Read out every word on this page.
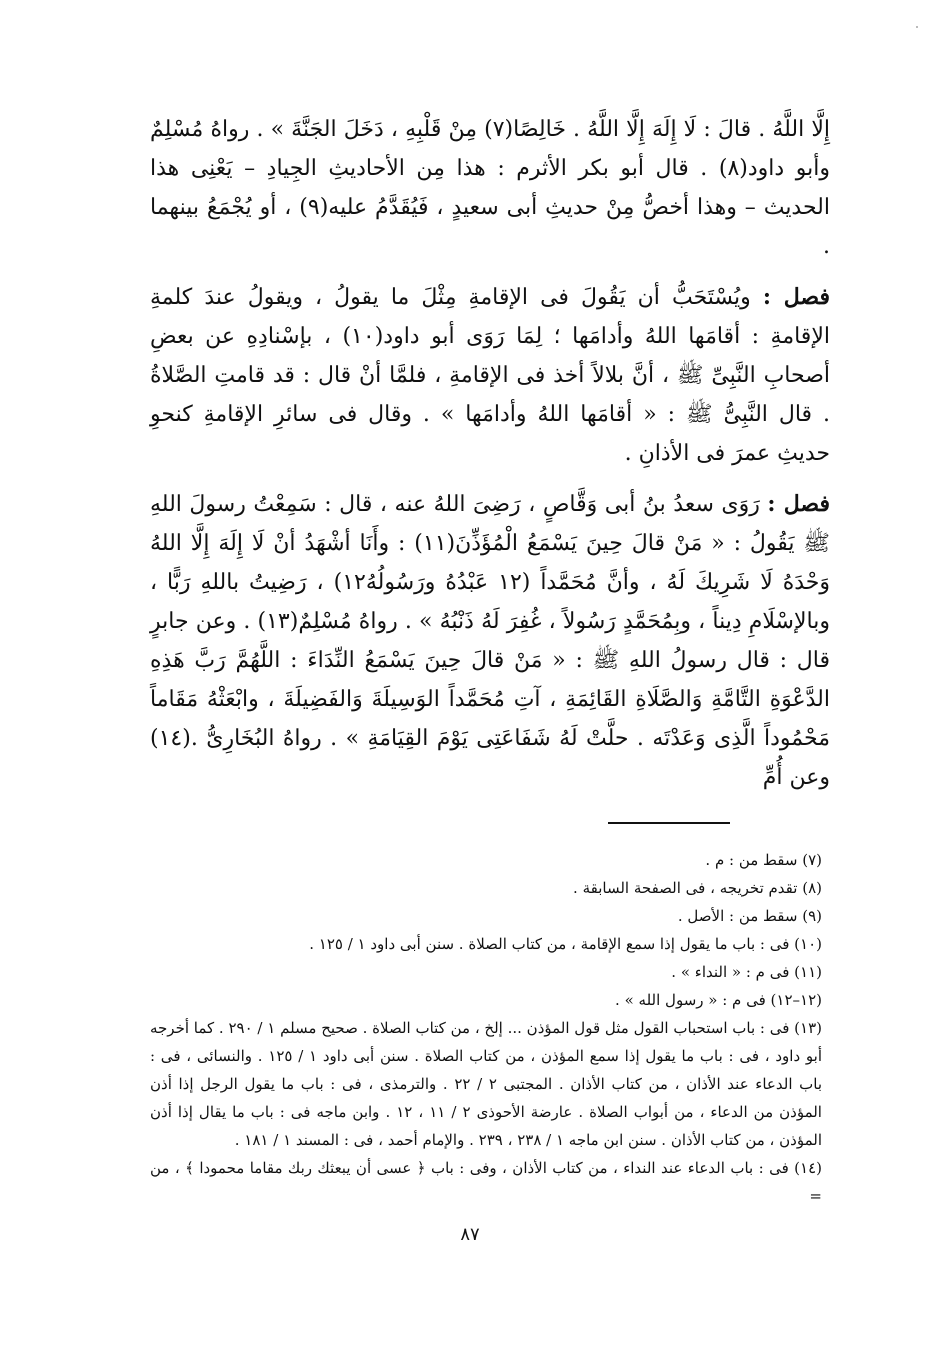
إِلَّا اللَّهُ . قالَ : لَا إِلَهَ إِلَّا اللَّهُ . خَالِصًا(٧) مِنْ قَلْبِهِ ، دَخَلَ الجَنَّةَ » . رواهُ مُسْلِمٌ وأبو داود(٨) . قال أبو بكر الأثرم : هذا مِن الأحاديثِ الجِيادِ – يَعْنِى هذا الحديث – وهذا أخصُّ مِنْ حديثِ أبى سعيدٍ ، فَيُقَدَّمُ عليه(٩) ، أو يُجْمَعُ بينهما .

فصل : ويُسْتَحَبُّ أن يَقُولَ فى الإقامةِ مِثْلَ ما يقولُ ، ويقولُ عندَ كلمةِ الإقامةِ : أقامَها اللهُ وأدامَها ؛ لِمَا رَوَى أبو داود(١٠) ، بإسْنادِهِ عن بعضِ أصحابِ النَّبِىِّ ﷺ ، أنَّ بلالاً أخذ فى الإقامةِ ، فلمَّا أنْ قال : قد قامتِ الصَّلاةُ . قال النَّبِىُّ ﷺ : « أقامَها اللهُ وأدامَها » . وقال فى سائرِ الإقامةِ كنحوِ حديثِ عمرَ فى الأذانِ .

فصل : رَوَى سعدُ بنُ أبى وَقَّاصٍ ، رَضِىَ اللهُ عنه ، قال : سَمِعْتُ رسولَ اللهِ ﷺ يَقُولُ : « مَنْ قالَ حِينَ يَسْمَعُ الْمُؤَذِّنَ(١١) : وأَنَا أشْهَدُ أنْ لَا إِلَهَ إِلَّا اللهُ وَحْدَهُ لَا شَرِيكَ لَهُ ، وأنَّ مُحَمَّداً (١٢ عَبْدُهُ ورَسُولُهُ١٢) ، رَضِيتُ باللهِ رَبًّا ، وبالإسْلَامِ دِيناً ، وبِمُحَمَّدٍ رَسُولاً ، غُفِرَ لَهُ ذَنْبُهُ » . رواهُ مُسْلِمٌ(١٣) . وعن جابرٍ قال : قال رسولُ اللهِ ﷺ : « مَنْ قالَ حِينَ يَسْمَعُ النِّدَاءَ : اللَّهُمَّ رَبَّ هَذِهِ الدَّعْوَةِ التَّامَّةِ وَالصَّلَاةِ القَائِمَةِ ، آتِ مُحَمَّداً الوَسِيلَةَ وَالفَضِيلَةَ ، وابْعَثْهُ مَقَاماً مَحْمُوداً الَّذِى وَعَدْتَه . حلَّتْ لَهُ شَفَاعَتِى يَوْمَ القِيَامَةِ » . رواهُ البُخَارِىُّ .(١٤) وعن أُمِّ

(٧) سقط من : م .

(٨) تقدم تخريجه ، فى الصفحة السابقة .

(٩) سقط من : الأصل .

(١٠) فى : باب ما يقول إذا سمع الإقامة ، من كتاب الصلاة . سنن أبى داود ١ / ١٢٥ .

(١١) فى م : « النداء » .

(١٢–١٢) فى م : « رسول الله » .

(١٣) فى : باب استحباب القول مثل قول المؤذن ... إلخ ، من كتاب الصلاة . صحيح مسلم ١ / ٢٩٠ . كما أخرجه أبو داود ، فى : باب ما يقول إذا سمع المؤذن ، من كتاب الصلاة . سنن أبى داود ١ / ١٢٥ . والنسائى ، فى : باب الدعاء عند الأذان ، من كتاب الأذان . المجتبى ٢ / ٢٢ . والترمذى ، فى : باب ما يقول الرجل إذا أذن المؤذن من الدعاء ، من أبواب الصلاة . عارضة الأحوذى ٢ / ١١ ، ١٢ . وابن ماجه فى : باب ما يقال إذا أذن المؤذن ، من كتاب الأذان . سنن ابن ماجه ١ / ٢٣٨ ، ٢٣٩ . والإمام أحمد ، فى : المسند ١ / ١٨١ .

(١٤) فى : باب الدعاء عند النداء ، من كتاب الأذان ، وفى : باب ﴿ عسى أن يبعثك ربك مقاما محمودا ﴾ ، من =

٨٧
